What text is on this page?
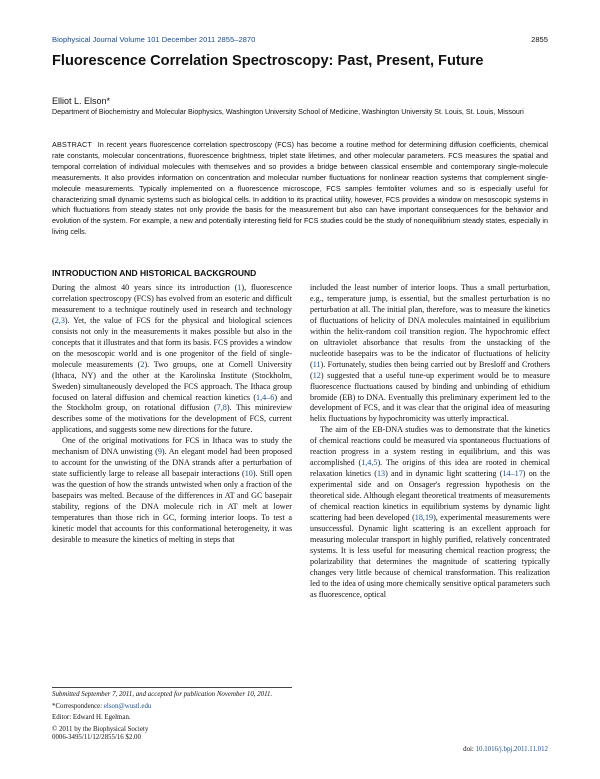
Biophysical Journal Volume 101 December 2011 2855–2870	2855
Fluorescence Correlation Spectroscopy: Past, Present, Future
Elliot L. Elson*
Department of Biochemistry and Molecular Biophysics, Washington University School of Medicine, Washington University St. Louis, St. Louis, Missouri
ABSTRACT In recent years fluorescence correlation spectroscopy (FCS) has become a routine method for determining diffusion coefficients, chemical rate constants, molecular concentrations, fluorescence brightness, triplet state lifetimes, and other molecular parameters. FCS measures the spatial and temporal correlation of individual molecules with themselves and so provides a bridge between classical ensemble and contemporary single-molecule measurements. It also provides information on concentration and molecular number fluctuations for nonlinear reaction systems that complement single-molecule measurements. Typically implemented on a fluorescence microscope, FCS samples femtoliter volumes and so is especially useful for characterizing small dynamic systems such as biological cells. In addition to its practical utility, however, FCS provides a window on mesoscopic systems in which fluctuations from steady states not only provide the basis for the measurement but also can have important consequences for the behavior and evolution of the system. For example, a new and potentially interesting field for FCS studies could be the study of nonequilibrium steady states, especially in living cells.
INTRODUCTION AND HISTORICAL BACKGROUND

During the almost 40 years since its introduction (1), fluorescence correlation spectroscopy (FCS) has evolved from an esoteric and difficult measurement to a technique routinely used in research and technology (2,3). Yet, the value of FCS for the physical and biological sciences consists not only in the measurements it makes possible but also in the concepts that it illustrates and that form its basis. FCS provides a window on the mesoscopic world and is one progenitor of the field of single-molecule measurements (2). Two groups, one at Cornell University (Ithaca, NY) and the other at the Karolinska Institute (Stockholm, Sweden) simultaneously developed the FCS approach. The Ithaca group focused on lateral diffusion and chemical reaction kinetics (1,4–6) and the Stockholm group, on rotational diffusion (7,8). This minireview describes some of the motivations for the development of FCS, current applications, and suggests some new directions for the future.

One of the original motivations for FCS in Ithaca was to study the mechanism of DNA unwisting (9). An elegant model had been proposed to account for the unwisting of the DNA strands after a perturbation of state sufficiently large to release all basepair interactions (10). Still open was the question of how the strands untwisted when only a fraction of the basepairs was melted. Because of the differences in AT and GC basepair stability, regions of the DNA molecule rich in AT melt at lower temperatures than those rich in GC, forming interior loops. To test a kinetic model that accounts for this conformational heterogeneity, it was desirable to measure the kinetics of melting in steps that

included the least number of interior loops. Thus a small perturbation, e.g., temperature jump, is essential, but the smallest perturbation is no perturbation at all. The initial plan, therefore, was to measure the kinetics of fluctuations of helicity of DNA molecules maintained in equilibrium within the helix-random coil transition region. The hypochromic effect on ultraviolet absorbance that results from the unstacking of the nucleotide basepairs was to be the indicator of fluctuations of helicity (11). Fortunately, studies then being carried out by Bresloff and Crothers (12) suggested that a useful tune-up experiment would be to measure fluorescence fluctuations caused by binding and unbinding of ethidium bromide (EB) to DNA. Eventually this preliminary experiment led to the development of FCS, and it was clear that the original idea of measuring helix fluctuations by hypochromicity was utterly impractical.

The aim of the EB-DNA studies was to demonstrate that the kinetics of chemical reactions could be measured via spontaneous fluctuations of reaction progress in a system resting in equilibrium, and this was accomplished (1,4,5). The origins of this idea are rooted in chemical relaxation kinetics (13) and in dynamic light scattering (14–17) on the experimental side and on Onsager's regression hypothesis on the theoretical side. Although elegant theoretical treatments of measurements of chemical reaction kinetics in equilibrium systems by dynamic light scattering had been developed (18,19), experimental measurements were unsuccessful. Dynamic light scattering is an excellent approach for measuring molecular transport in highly purified, relatively concentrated systems. It is less useful for measuring chemical reaction progress; the polarizability that determines the magnitude of scattering typically changes very little because of chemical transformation. This realization led to the idea of using more chemically sensitive optical parameters such as fluorescence, optical

Submitted September 7, 2011, and accepted for publication November 10, 2011.

*Correspondence: elson@wustl.edu

Editor: Edward H. Egelman.

© 2011 by the Biophysical Society
0006-3495/11/12/2855/16 $2.00

doi: 10.1016/j.bpj.2011.11.012
